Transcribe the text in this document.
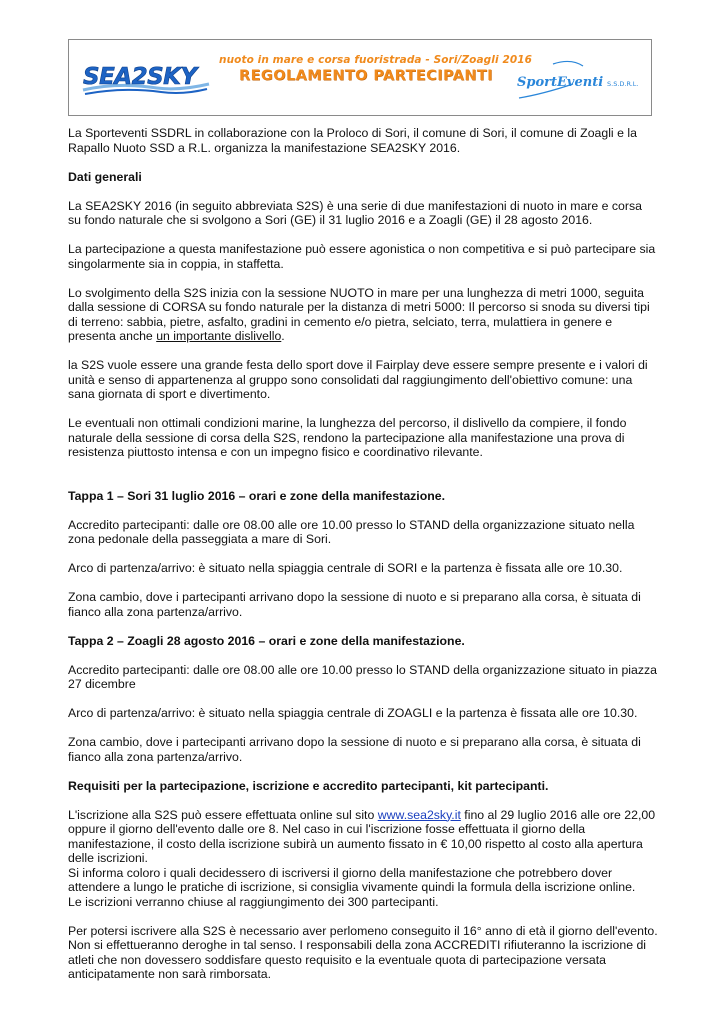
SEA2SKY
nuoto in mare e corsa fuoristrada - Sori/Zoagli 2016
REGOLAMENTO PARTECIPANTI	SportEventi S.S.D.R.L.

La Sporteventi SSDRL in collaborazione con la Proloco di Sori, il comune di Sori, il comune di Zoagli e la Rapallo Nuoto SSD a R.L. organizza la manifestazione SEA2SKY 2016.

Dati generali

La SEA2SKY 2016 (in seguito abbreviata S2S) è una serie di due manifestazioni di nuoto in mare e corsa su fondo naturale che si svolgono a Sori (GE) il 31 luglio 2016 e a Zoagli (GE) il 28 agosto 2016.

La partecipazione a questa manifestazione può essere agonistica o non competitiva e si può partecipare sia singolarmente sia in coppia, in staffetta.

Lo svolgimento della S2S inizia con la sessione NUOTO in mare per una lunghezza di metri 1000, seguita dalla sessione di CORSA su fondo naturale per la distanza di metri 5000: Il percorso si snoda su diversi tipi di terreno: sabbia, pietre, asfalto, gradini in cemento e/o pietra, selciato, terra, mulattiera in genere e presenta anche un importante dislivello.

la S2S vuole essere una grande festa dello sport dove il Fairplay deve essere sempre presente e i valori di unità e senso di appartenenza al gruppo sono consolidati dal raggiungimento dell'obiettivo comune: una sana giornata di sport e divertimento.

Le eventuali non ottimali condizioni marine, la lunghezza del percorso, il dislivello da compiere, il fondo naturale della sessione di corsa della S2S, rendono la partecipazione alla manifestazione una prova di resistenza piuttosto intensa e con un impegno fisico e coordinativo rilevante.

Tappa 1 – Sori 31 luglio 2016 – orari e zone della manifestazione.

Accredito partecipanti: dalle ore 08.00 alle ore 10.00 presso lo STAND della organizzazione situato nella zona pedonale della passeggiata a mare di Sori.

Arco di partenza/arrivo: è situato nella spiaggia centrale di SORI e la partenza è fissata alle ore 10.30.

Zona cambio, dove i partecipanti arrivano dopo la sessione di nuoto e si preparano alla corsa, è situata di fianco alla zona partenza/arrivo.

Tappa 2 – Zoagli 28 agosto 2016 – orari e zone della manifestazione.

Accredito partecipanti: dalle ore 08.00 alle ore 10.00 presso lo STAND della organizzazione situato in piazza 27 dicembre

Arco di partenza/arrivo: è situato nella spiaggia centrale di ZOAGLI e la partenza è fissata alle ore 10.30.

Zona cambio, dove i partecipanti arrivano dopo la sessione di nuoto e si preparano alla corsa, è situata di fianco alla zona partenza/arrivo.

Requisiti per la partecipazione, iscrizione e accredito partecipanti, kit partecipanti.

L'iscrizione alla S2S può essere effettuata online sul sito www.sea2sky.it fino al 29 luglio 2016 alle ore 22,00 oppure il giorno dell'evento dalle ore 8. Nel caso in cui l'iscrizione fosse effettuata il giorno della manifestazione, il costo della iscrizione subirà un aumento fissato in € 10,00 rispetto al costo alla apertura delle iscrizioni.

Si informa coloro i quali decidessero di iscriversi il giorno della manifestazione che potrebbero dover attendere a lungo le pratiche di iscrizione, si consiglia vivamente quindi la formula della iscrizione online.

Le iscrizioni verranno chiuse al raggiungimento dei 300 partecipanti.

Per potersi iscrivere alla S2S è necessario aver perlomeno conseguito il 16° anno di età il giorno dell'evento. Non si effettueranno deroghe in tal senso. I responsabili della zona ACCREDITI rifiuteranno la iscrizione di atleti che non dovessero soddisfare questo requisito e la eventuale quota di partecipazione versata anticipatamente non sarà rimborsata.
